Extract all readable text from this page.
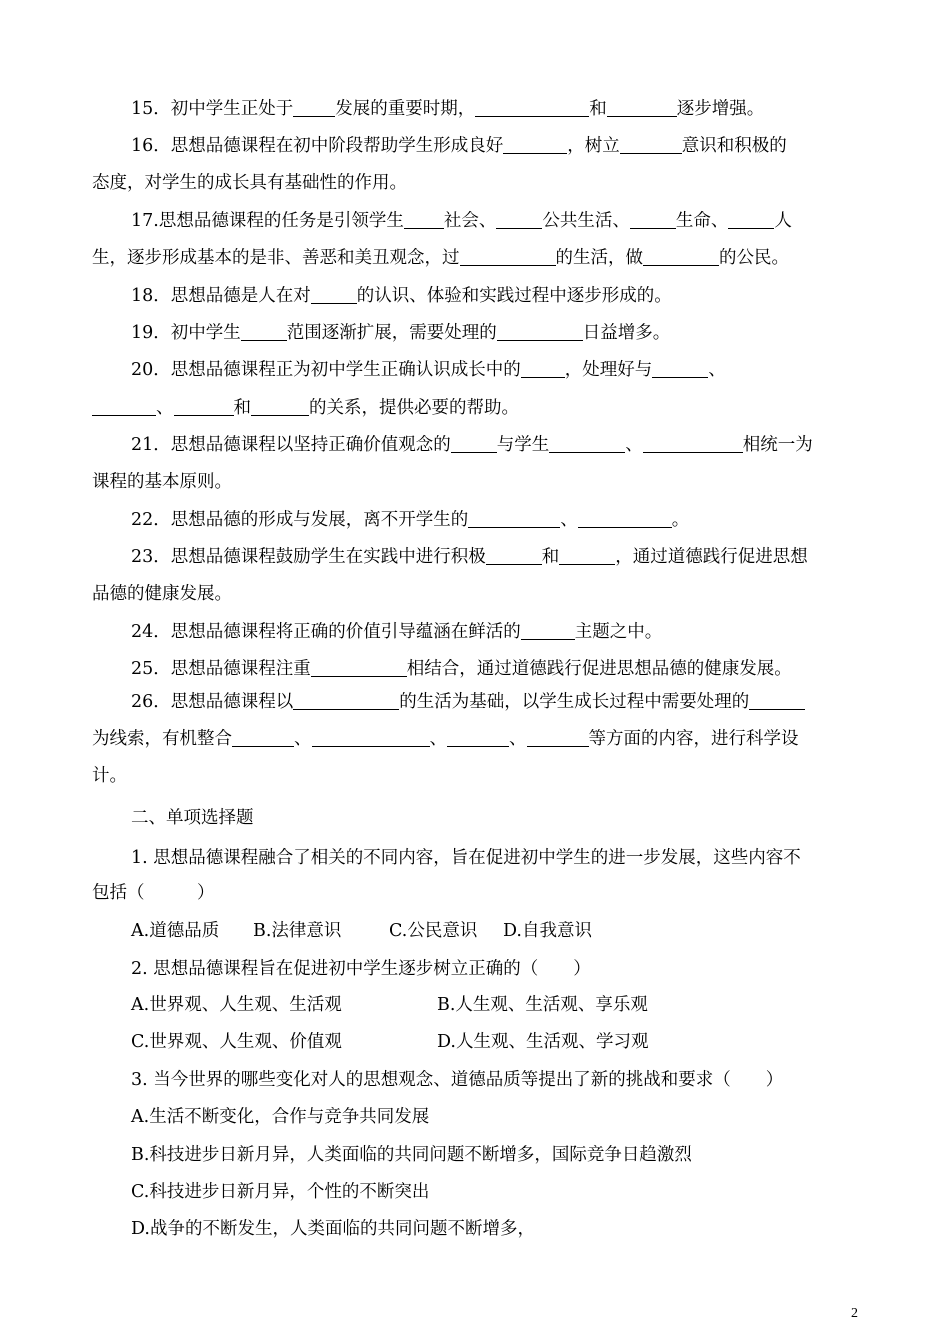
15．初中学生正处于 发展的重要时期，	和	逐步增强。
16．思想品德课程在初中阶段帮助学生形成良好	，树立	意识和积极的
态度，对学生的成长具有基础性的作用。
17.思想品德课程的任务是引领学生 社会、	公共生活、	生命、	人
生，逐步形成基本的是非、善恶和美丑观念，过	的生活，做	的公民。
18．思想品德是人在对	的认识、体验和实践过程中逐步形成的。
19．初中学生	范围逐渐扩展，需要处理的	日益增多。
20．思想品德课程正为初中学生正确认识成长中的	，处理好与	、
、	和	的关系，提供必要的帮助。
21．思想品德课程以坚持正确价值观念的	与学生	、	相统一为
课程的基本原则。
22．思想品德的形成与发展，离不开学生的	、	。
23．思想品德课程鼓励学生在实践中进行积极	和	，通过道德践行促进思想
品德的健康发展。
24．思想品德课程将正确的价值引导蕴涵在鲜活的	主题之中。
25．思想品德课程注重	相结合，通过道德践行促进思想品德的健康发展。
26．思想品德课程以	的生活为基础，以学生成长过程中需要处理的
为线索，有机整合	、	、	、	等方面的内容，进行科学设
计。
二、单项选择题
1. 思想品德课程融合了相关的不同内容，旨在促进初中学生的进一步发展，这些内容不
包括（　　　）
A.道德品质 B.法律意识	C.公民意识 D.自我意识
2. 思想品德课程旨在促进初中学生逐步树立正确的（　　）
A.世界观、人生观、生活观	B.人生观、生活观、享乐观
C.世界观、人生观、价值观	D.人生观、生活观、学习观
3. 当今世界的哪些变化对人的思想观念、道德品质等提出了新的挑战和要求（　　）
A.生活不断变化，合作与竞争共同发展
B.科技进步日新月异，人类面临的共同问题不断增多，国际竞争日趋激烈
C.科技进步日新月异，个性的不断突出
D.战争的不断发生，人类面临的共同问题不断增多，
2
